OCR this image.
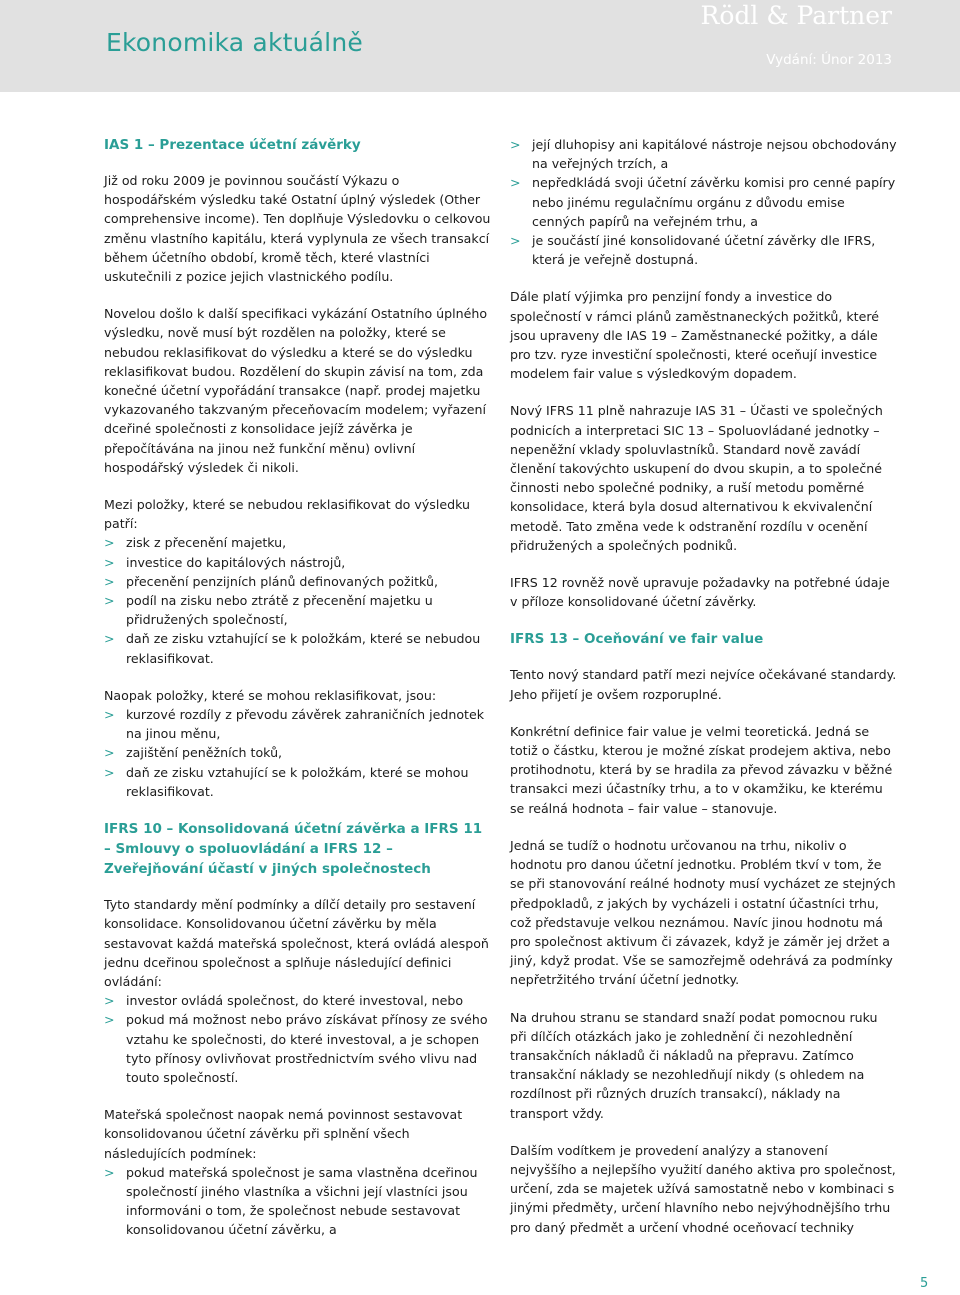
Ekonomika aktuálně
Rödl & Partner
Vydání: Únor 2013
IAS 1 – Prezentace účetní závěrky

Již od roku 2009 je povinnou součástí Výkazu o hospodářském výsledku také Ostatní úplný výsledek (Other comprehensive income). Ten doplňuje Výsledovku o celkovou změnu vlastního kapitálu, která vyplynula ze všech transakcí během účetního období, kromě těch, které vlastníci uskutečnili z pozice jejich vlastnického podílu.

Novelou došlo k další specifikaci vykázání Ostatního úplného výsledku, nově musí být rozdělen na položky, které se nebudou reklasifikovat do výsledku a které se do výsledku reklasifikovat budou. Rozdělení do skupin závisí na tom, zda konečné účetní vypořádání transakce (např. prodej majetku vykazovaného takzvaným přeceňovacím modelem; vyřazení dceřiné společnosti z konsolidace jejíž závěrka je přepočítávána na jinou než funkční měnu) ovlivní hospodářský výsledek či nikoli.

Mezi položky, které se nebudou reklasifikovat do výsledku patří:

> zisk z přecenění majetku,
> investice do kapitálových nástrojů,
> přecenění penzijních plánů definovaných požitků,
> podíl na zisku nebo ztrátě z přecenění majetku u přidružených společností,
> daň ze zisku vztahující se k položkám, které se nebudou reklasifikovat.

Naopak položky, které se mohou reklasifikovat, jsou:

> kurzové rozdíly z převodu závěrek zahraničních jednotek na jinou měnu,
> zajištění peněžních toků,
> daň ze zisku vztahující se k položkám, které se mohou reklasifikovat.
IFRS 10 – Konsolidovaná účetní závěrka a IFRS 11 – Smlouvy o spoluovládání a IFRS 12 – Zveřejňování účastí v jiných společnostech

Tyto standardy mění podmínky a dílčí detaily pro sestavení konsolidace. Konsolidovanou účetní závěrku by měla sestavovat každá mateřská společnost, která ovládá alespoň jednu dceřinou společnost a splňuje následující definici ovládání:

> investor ovládá společnost, do které investoval, nebo
> pokud má možnost nebo právo získávat přínosy ze svého vztahu ke společnosti, do které investoval, a je schopen tyto přínosy ovlivňovat prostřednictvím svého vlivu nad touto společností.

Mateřská společnost naopak nemá povinnost sestavovat konsolidovanou účetní závěrku při splnění všech následujících podmínek:

> pokud mateřská společnost je sama vlastněna dceřinou společností jiného vlastníka a všichni její vlastníci jsou informováni o tom, že společnost nebude sestavovat konsolidovanou účetní závěrku, a
> její dluhopisy ani kapitálové nástroje nejsou obchodovány na veřejných trzích, a
> nepředkládá svoji účetní závěrku komisi pro cenné papíry nebo jinému regulačnímu orgánu z důvodu emise cenných papírů na veřejném trhu, a
> je součástí jiné konsolidované účetní závěrky dle IFRS, která je veřejně dostupná.

Dále platí výjimka pro penzijní fondy a investice do společností v rámci plánů zaměstnaneckých požitků, které jsou upraveny dle IAS 19 – Zaměstnanecké požitky, a dále pro tzv. ryze investiční společnosti, které oceňují investice modelem fair value s výsledkovým dopadem.

Nový IFRS 11 plně nahrazuje IAS 31 – Účasti ve společných podnicích a interpretaci SIC 13 – Spoluovládané jednotky – nepeněžní vklady spoluvlastníků. Standard nově zavádí členění takovýchto uskupení do dvou skupin, a to společné činnosti nebo společné podniky, a ruší metodu poměrné konsolidace, která byla dosud alternativou k ekvivalenční metodě. Tato změna vede k odstranění rozdílu v ocenění přidružených a společných podniků.

IFRS 12 rovněž nově upravuje požadavky na potřebné údaje v příloze konsolidované účetní závěrky.

IFRS 13 – Oceňování ve fair value

Tento nový standard patří mezi nejvíce očekávané standardy. Jeho přijetí je ovšem rozporuplné.

Konkrétní definice fair value je velmi teoretická. Jedná se totiž o částku, kterou je možné získat prodejem aktiva, nebo protihodnotu, která by se hradila za převod závazku v běžné transakci mezi účastníky trhu, a to v okamžiku, ke kterému se reálná hodnota – fair value – stanovuje.

Jedná se tudíž o hodnotu určovanou na trhu, nikoliv o hodnotu pro danou účetní jednotku. Problém tkví v tom, že se při stanovování reálné hodnoty musí vycházet ze stejných předpokladů, z jakých by vycházeli i ostatní účastníci trhu, což představuje velkou neznámou. Navíc jinou hodnotu má pro společnost aktivum či závazek, když je záměr jej držet a jiný, když prodat. Vše se samozřejmě odehrává za podmínky nepřetržitého trvání účetní jednotky.

Na druhou stranu se standard snaží podat pomocnou ruku při dílčích otázkách jako je zohlednění či nezohlednění transakčních nákladů či nákladů na přepravu. Zatímco transakční náklady se nezohledňují nikdy (s ohledem na rozdílnost při různých druzích transakcí), náklady na transport vždy.

Dalším vodítkem je provedení analýzy a stanovení nejvyššího a nejlepšího využití daného aktiva pro společnost, určení, zda se majetek užívá samostatně nebo v kombinaci s jinými předměty, určení hlavního nebo nejvýhodnějšího trhu pro daný předmět a určení vhodné oceňovací techniky

5
